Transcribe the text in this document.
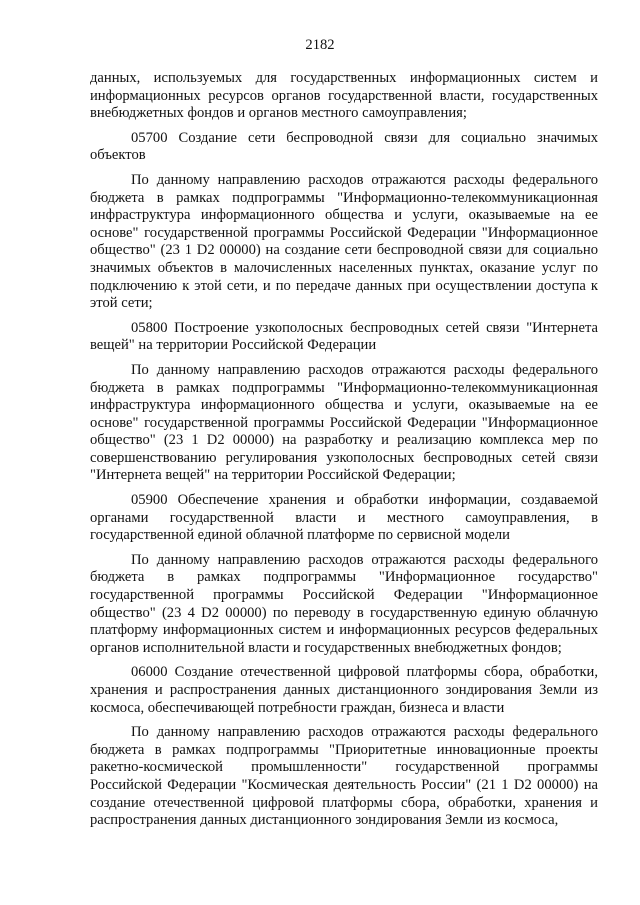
2182

данных, используемых для государственных информационных систем и информационных ресурсов органов государственной власти, государственных внебюджетных фондов и органов местного самоуправления;

05700 Создание сети беспроводной связи для социально значимых объектов

По данному направлению расходов отражаются расходы федерального бюджета в рамках подпрограммы "Информационно-телекоммуникационная инфраструктура информационного общества и услуги, оказываемые на ее основе" государственной программы Российской Федерации "Информационное общество" (23 1 D2 00000) на создание сети беспроводной связи для социально значимых объектов в малочисленных населенных пунктах, оказание услуг по подключению к этой сети, и по передаче данных при осуществлении доступа к этой сети;

05800 Построение узкополосных беспроводных сетей связи "Интернета вещей" на территории Российской Федерации

По данному направлению расходов отражаются расходы федерального бюджета в рамках подпрограммы "Информационно-телекоммуникационная инфраструктура информационного общества и услуги, оказываемые на ее основе" государственной программы Российской Федерации "Информационное общество" (23 1 D2 00000) на разработку и реализацию комплекса мер по совершенствованию регулирования узкополосных беспроводных сетей связи "Интернета вещей" на территории Российской Федерации;

05900 Обеспечение хранения и обработки информации, создаваемой органами государственной власти и местного самоуправления, в государственной единой облачной платформе по сервисной модели

По данному направлению расходов отражаются расходы федерального бюджета в рамках подпрограммы "Информационное государство" государственной программы Российской Федерации "Информационное общество" (23 4 D2 00000) по переводу в государственную единую облачную платформу информационных систем и информационных ресурсов федеральных органов исполнительной власти и государственных внебюджетных фондов;

06000 Создание отечественной цифровой платформы сбора, обработки, хранения и распространения данных дистанционного зондирования Земли из космоса, обеспечивающей потребности граждан, бизнеса и власти

По данному направлению расходов отражаются расходы федерального бюджета в рамках подпрограммы "Приоритетные инновационные проекты ракетно-космической промышленности" государственной программы Российской Федерации "Космическая деятельность России" (21 1 D2 00000) на создание отечественной цифровой платформы сбора, обработки, хранения и распространения данных дистанционного зондирования Земли из космоса,
